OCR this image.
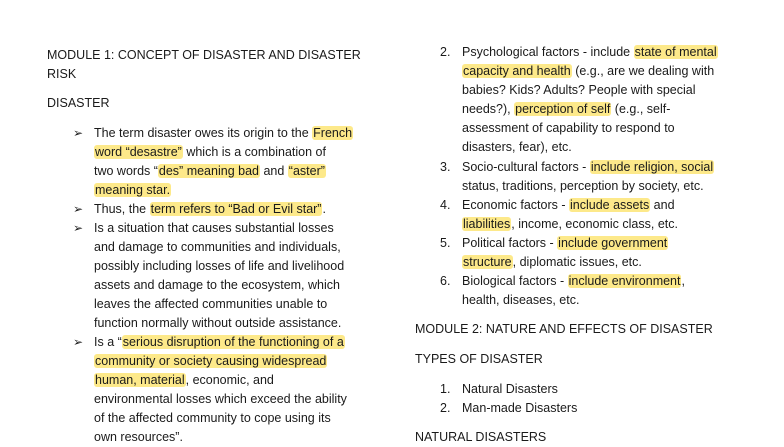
MODULE 1: CONCEPT OF DISASTER AND DISASTER
RISK
DISASTER
➢ The term disaster owes its origin to the French
word “desastre” which is a combination of
two words “des” meaning bad and “aster”
meaning star.
➢ Thus, the term refers to “Bad or Evil star”.
➢ Is a situation that causes substantial losses
and damage to communities and individuals,
possibly including losses of life and livelihood
assets and damage to the ecosystem, which
leaves the affected communities unable to
function normally without outside assistance.
➢ Is a “serious disruption of the functioning of a
community or society causing widespread
human, material, economic, and
environmental losses which exceed the ability
of the affected community to cope using its
own resources”.
2. Psychological factors - include state of mental
capacity and health (e.g., are we dealing with
babies? Kids? Adults? People with special
needs?), perception of self (e.g., self-
assessment of capability to respond to
disasters, fear), etc.
3. Socio-cultural factors - include religion, social
status, traditions, perception by society, etc.
4. Economic factors - include assets and
liabilities, income, economic class, etc.
5. Political factors - include government
structure, diplomatic issues, etc.
6. Biological factors - include environment,
health, diseases, etc.
MODULE 2: NATURE AND EFFECTS OF DISASTER
TYPES OF DISASTER
1. Natural Disasters
2. Man-made Disasters
NATURAL DISASTERS
